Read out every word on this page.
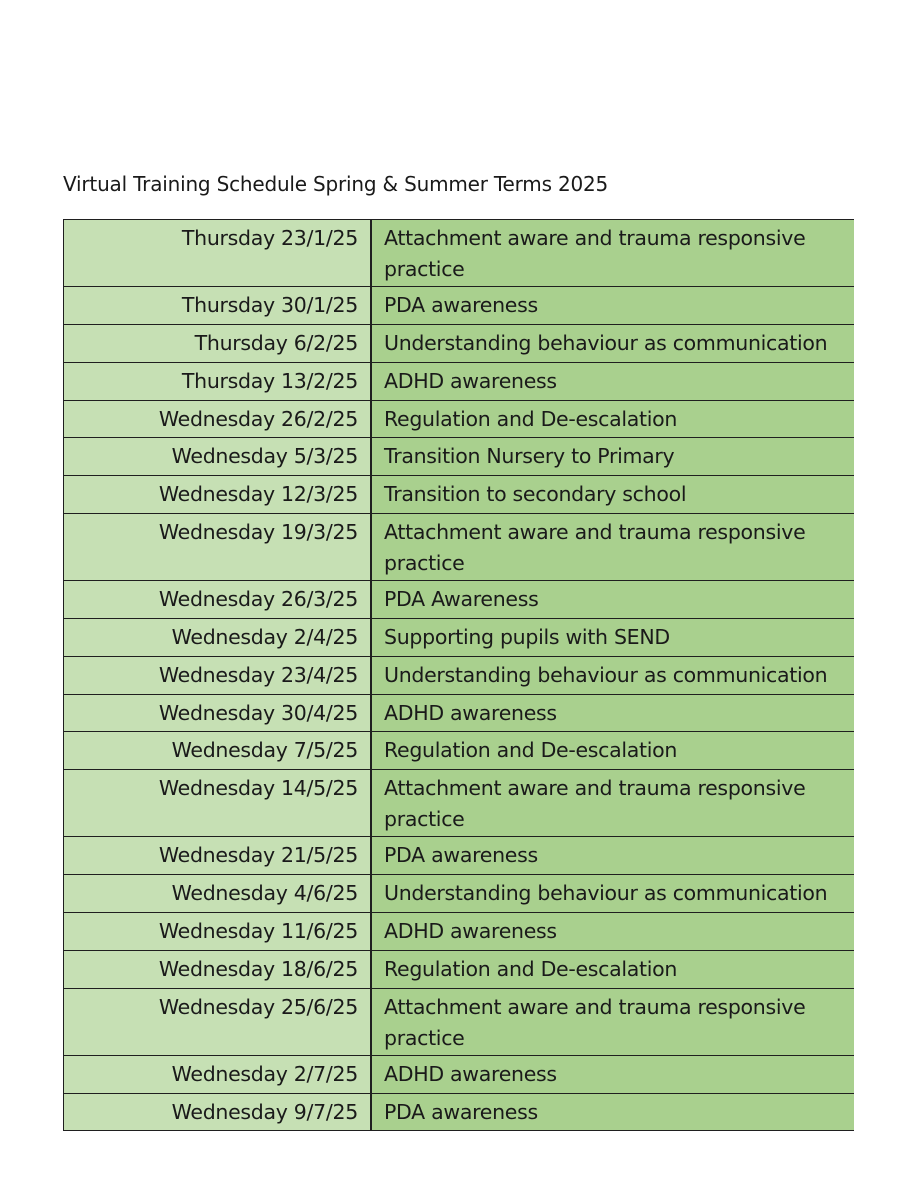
Virtual Training Schedule Spring & Summer Terms 2025
Thursday 23/1/25	Attachment aware and trauma responsive practice
Thursday 30/1/25	PDA awareness
Thursday 6/2/25	Understanding behaviour as communication
Thursday 13/2/25	ADHD awareness
Wednesday 26/2/25	Regulation and De-escalation
Wednesday 5/3/25	Transition Nursery to Primary
Wednesday 12/3/25	Transition to secondary school
Wednesday 19/3/25	Attachment aware and trauma responsive practice
Wednesday 26/3/25	PDA Awareness
Wednesday 2/4/25	Supporting pupils with SEND
Wednesday 23/4/25	Understanding behaviour as communication
Wednesday 30/4/25	ADHD awareness
Wednesday 7/5/25	Regulation and De-escalation
Wednesday 14/5/25	Attachment aware and trauma responsive practice
Wednesday 21/5/25	PDA awareness
Wednesday 4/6/25	Understanding behaviour as communication
Wednesday 11/6/25	ADHD awareness
Wednesday 18/6/25	Regulation and De-escalation
Wednesday 25/6/25	Attachment aware and trauma responsive practice
Wednesday 2/7/25	ADHD awareness
Wednesday 9/7/25	PDA awareness
